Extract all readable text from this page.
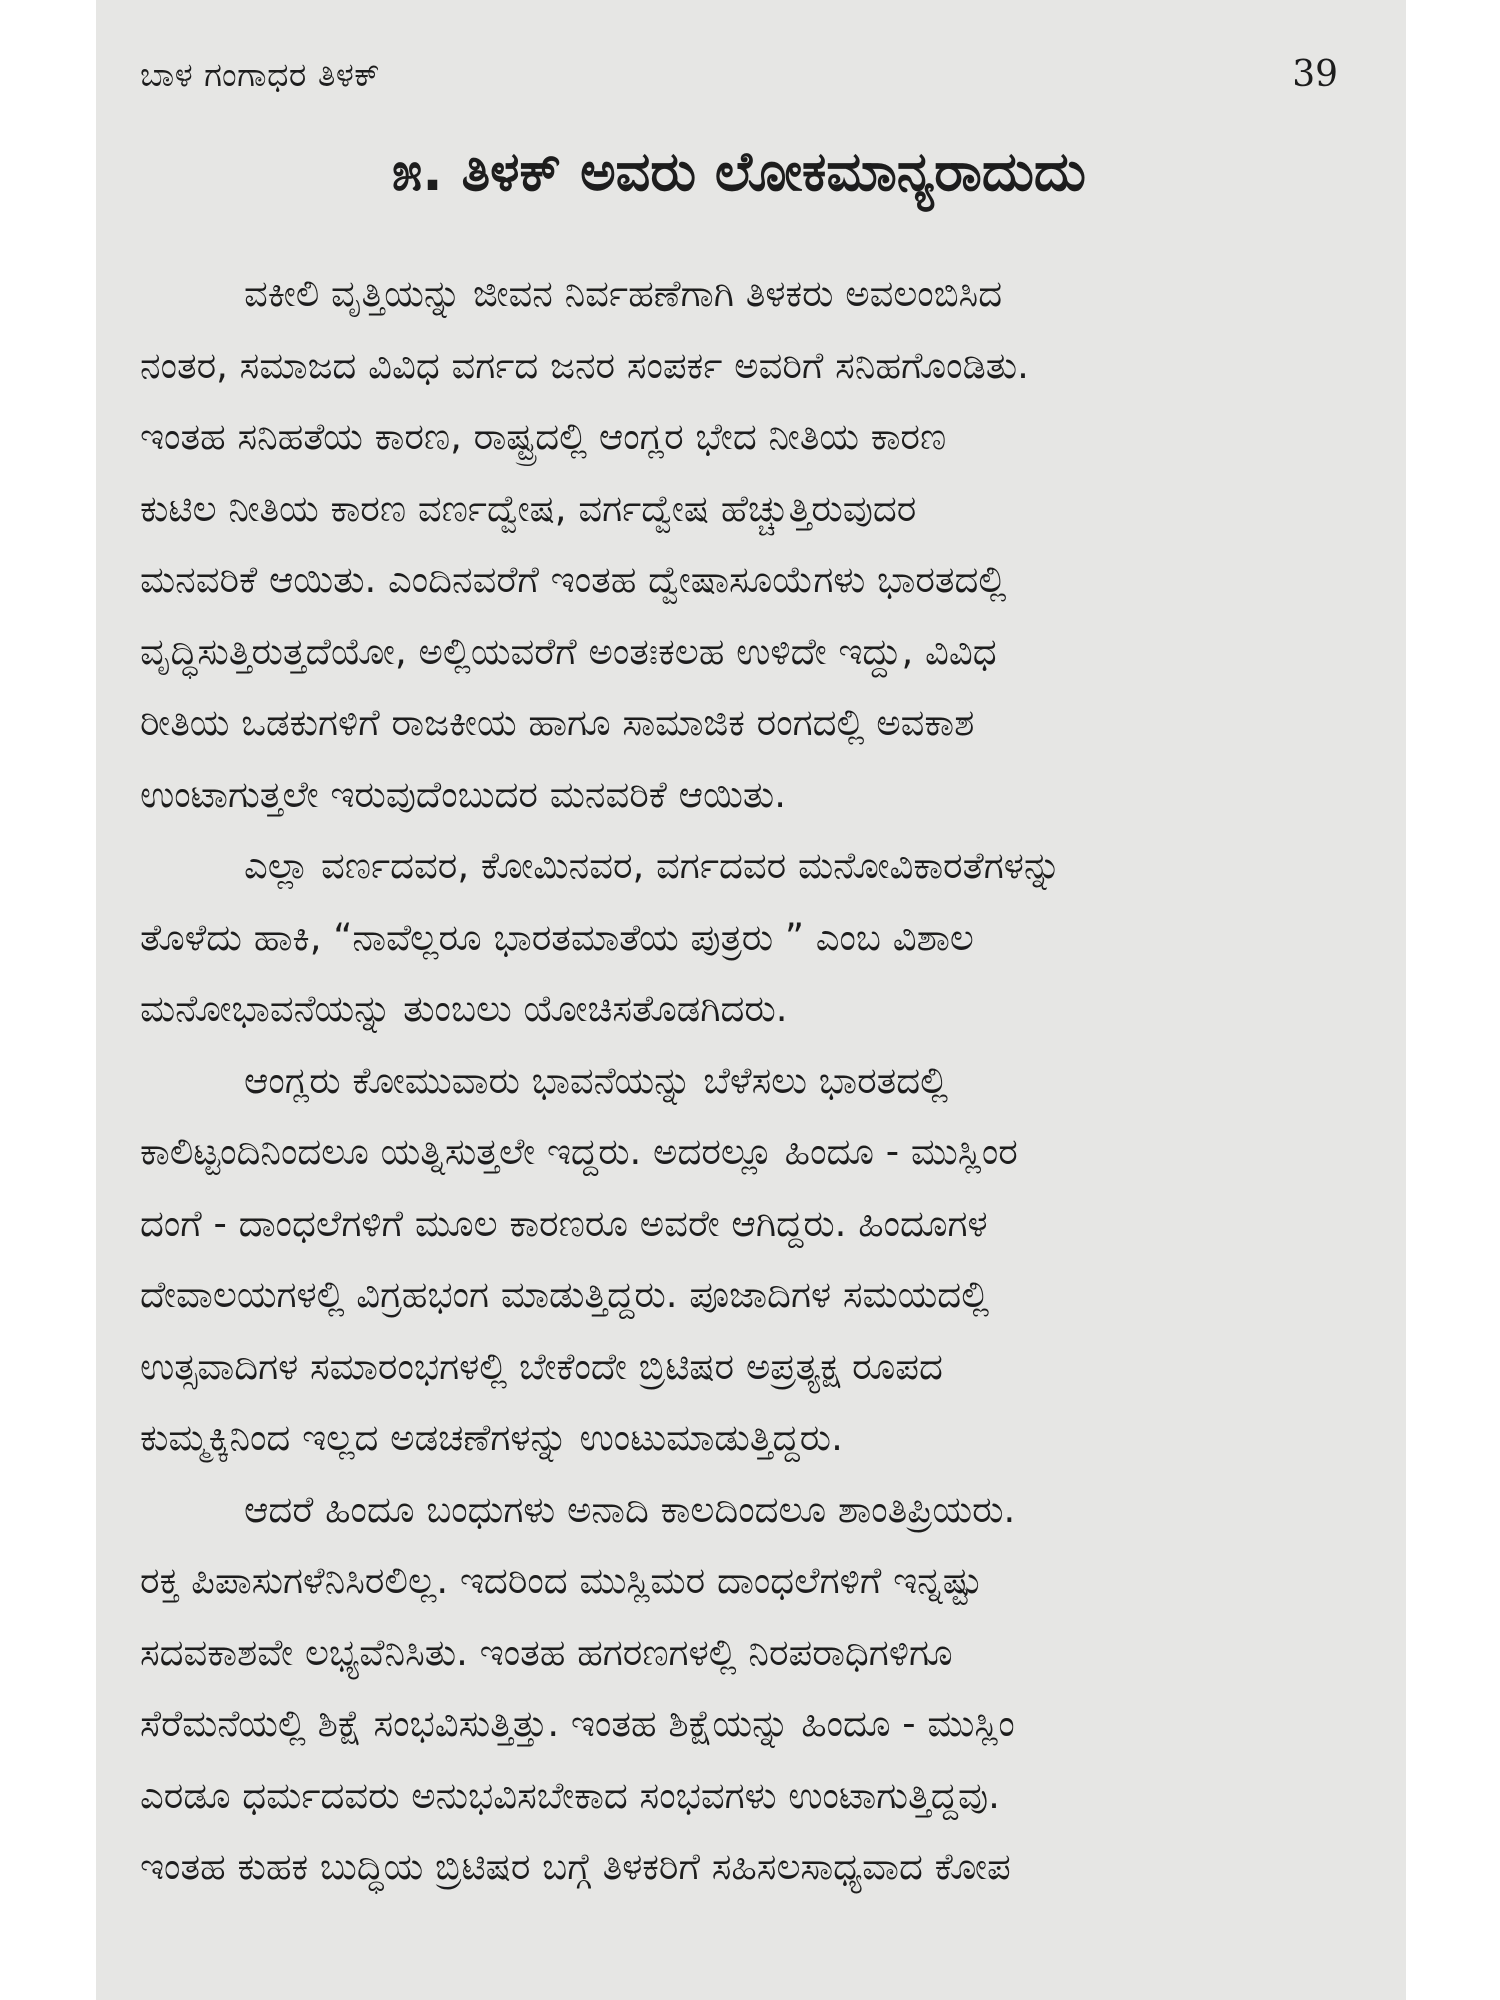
ಬಾಳ ಗಂಗಾಧರ ತಿಳಕ್	39
೫. ತಿಳಕ್ ಅವರು ಲೋಕಮಾನ್ಯರಾದುದು
ವಕೀಲಿ ವೃತ್ತಿಯನ್ನು ಜೀವನ ನಿರ್ವಹಣೆಗಾಗಿ ತಿಳಕರು ಅವಲಂಬಿಸಿದ
ನಂತರ, ಸಮಾಜದ ವಿವಿಧ ವರ್ಗದ ಜನರ ಸಂಪರ್ಕ ಅವರಿಗೆ ಸನಿಹಗೊಂಡಿತು.
ಇಂತಹ ಸನಿಹತೆಯ ಕಾರಣ, ರಾಷ್ಟ್ರದಲ್ಲಿ ಆಂಗ್ಲರ ಭೇದ ನೀತಿಯ ಕಾರಣ
ಕುಟಿಲ ನೀತಿಯ ಕಾರಣ ವರ್ಣದ್ವೇಷ, ವರ್ಗದ್ವೇಷ ಹೆಚ್ಚುತ್ತಿರುವುದರ
ಮನವರಿಕೆ ಆಯಿತು. ಎಂದಿನವರೆಗೆ ಇಂತಹ ದ್ವೇಷಾಸೂಯೆಗಳು ಭಾರತದಲ್ಲಿ
ವೃದ್ಧಿಸುತ್ತಿರುತ್ತದೆಯೋ, ಅಲ್ಲಿಯವರೆಗೆ ಅಂತಃಕಲಹ ಉಳಿದೇ ಇದ್ದು, ವಿವಿಧ
ರೀತಿಯ ಒಡಕುಗಳಿಗೆ ರಾಜಕೀಯ ಹಾಗೂ ಸಾಮಾಜಿಕ ರಂಗದಲ್ಲಿ ಅವಕಾಶ
ಉಂಟಾಗುತ್ತಲೇ ಇರುವುದೆಂಬುದರ ಮನವರಿಕೆ ಆಯಿತು.
ಎಲ್ಲಾ ವರ್ಣದವರ, ಕೋಮಿನವರ, ವರ್ಗದವರ ಮನೋವಿಕಾರತೆಗಳನ್ನು
ತೊಳೆದು ಹಾಕಿ, “ನಾವೆಲ್ಲರೂ ಭಾರತಮಾತೆಯ ಪುತ್ರರು ” ಎಂಬ ವಿಶಾಲ
ಮನೋಭಾವನೆಯನ್ನು ತುಂಬಲು ಯೋಚಿಸತೊಡಗಿದರು.
ಆಂಗ್ಲರು ಕೋಮುವಾರು ಭಾವನೆಯನ್ನು ಬೆಳೆಸಲು ಭಾರತದಲ್ಲಿ
ಕಾಲಿಟ್ಟಂದಿನಿಂದಲೂ ಯತ್ನಿಸುತ್ತಲೇ ಇದ್ದರು. ಅದರಲ್ಲೂ ಹಿಂದೂ - ಮುಸ್ಲಿಂರ
ದಂಗೆ - ದಾಂಧಲೆಗಳಿಗೆ ಮೂಲ ಕಾರಣರೂ ಅವರೇ ಆಗಿದ್ದರು. ಹಿಂದೂಗಳ
ದೇವಾಲಯಗಳಲ್ಲಿ ವಿಗ್ರಹಭಂಗ ಮಾಡುತ್ತಿದ್ದರು. ಪೂಜಾದಿಗಳ ಸಮಯದಲ್ಲಿ
ಉತ್ಸವಾದಿಗಳ ಸಮಾರಂಭಗಳಲ್ಲಿ ಬೇಕೆಂದೇ ಬ್ರಿಟಿಷರ ಅಪ್ರತ್ಯಕ್ಷ ರೂಪದ
ಕುಮ್ಮಕ್ಕಿನಿಂದ ಇಲ್ಲದ ಅಡಚಣೆಗಳನ್ನು ಉಂಟುಮಾಡುತ್ತಿದ್ದರು.
ಆದರೆ ಹಿಂದೂ ಬಂಧುಗಳು ಅನಾದಿ ಕಾಲದಿಂದಲೂ ಶಾಂತಿಪ್ರಿಯರು.
ರಕ್ತ ಪಿಪಾಸುಗಳೆನಿಸಿರಲಿಲ್ಲ. ಇದರಿಂದ ಮುಸ್ಲಿಮರ ದಾಂಧಲೆಗಳಿಗೆ ಇನ್ನಷ್ಟು
ಸದವಕಾಶವೇ ಲಭ್ಯವೆನಿಸಿತು. ಇಂತಹ ಹಗರಣಗಳಲ್ಲಿ ನಿರಪರಾಧಿಗಳಿಗೂ
ಸೆರೆಮನೆಯಲ್ಲಿ ಶಿಕ್ಷೆ ಸಂಭವಿಸುತ್ತಿತ್ತು. ಇಂತಹ ಶಿಕ್ಷೆಯನ್ನು ಹಿಂದೂ - ಮುಸ್ಲಿಂ
ಎರಡೂ ಧರ್ಮದವರು ಅನುಭವಿಸಬೇಕಾದ ಸಂಭವಗಳು ಉಂಟಾಗುತ್ತಿದ್ದವು.
ಇಂತಹ ಕುಹಕ ಬುದ್ಧಿಯ ಬ್ರಿಟಿಷರ ಬಗ್ಗೆ ತಿಳಕರಿಗೆ ಸಹಿಸಲಸಾಧ್ಯವಾದ ಕೋಪ
